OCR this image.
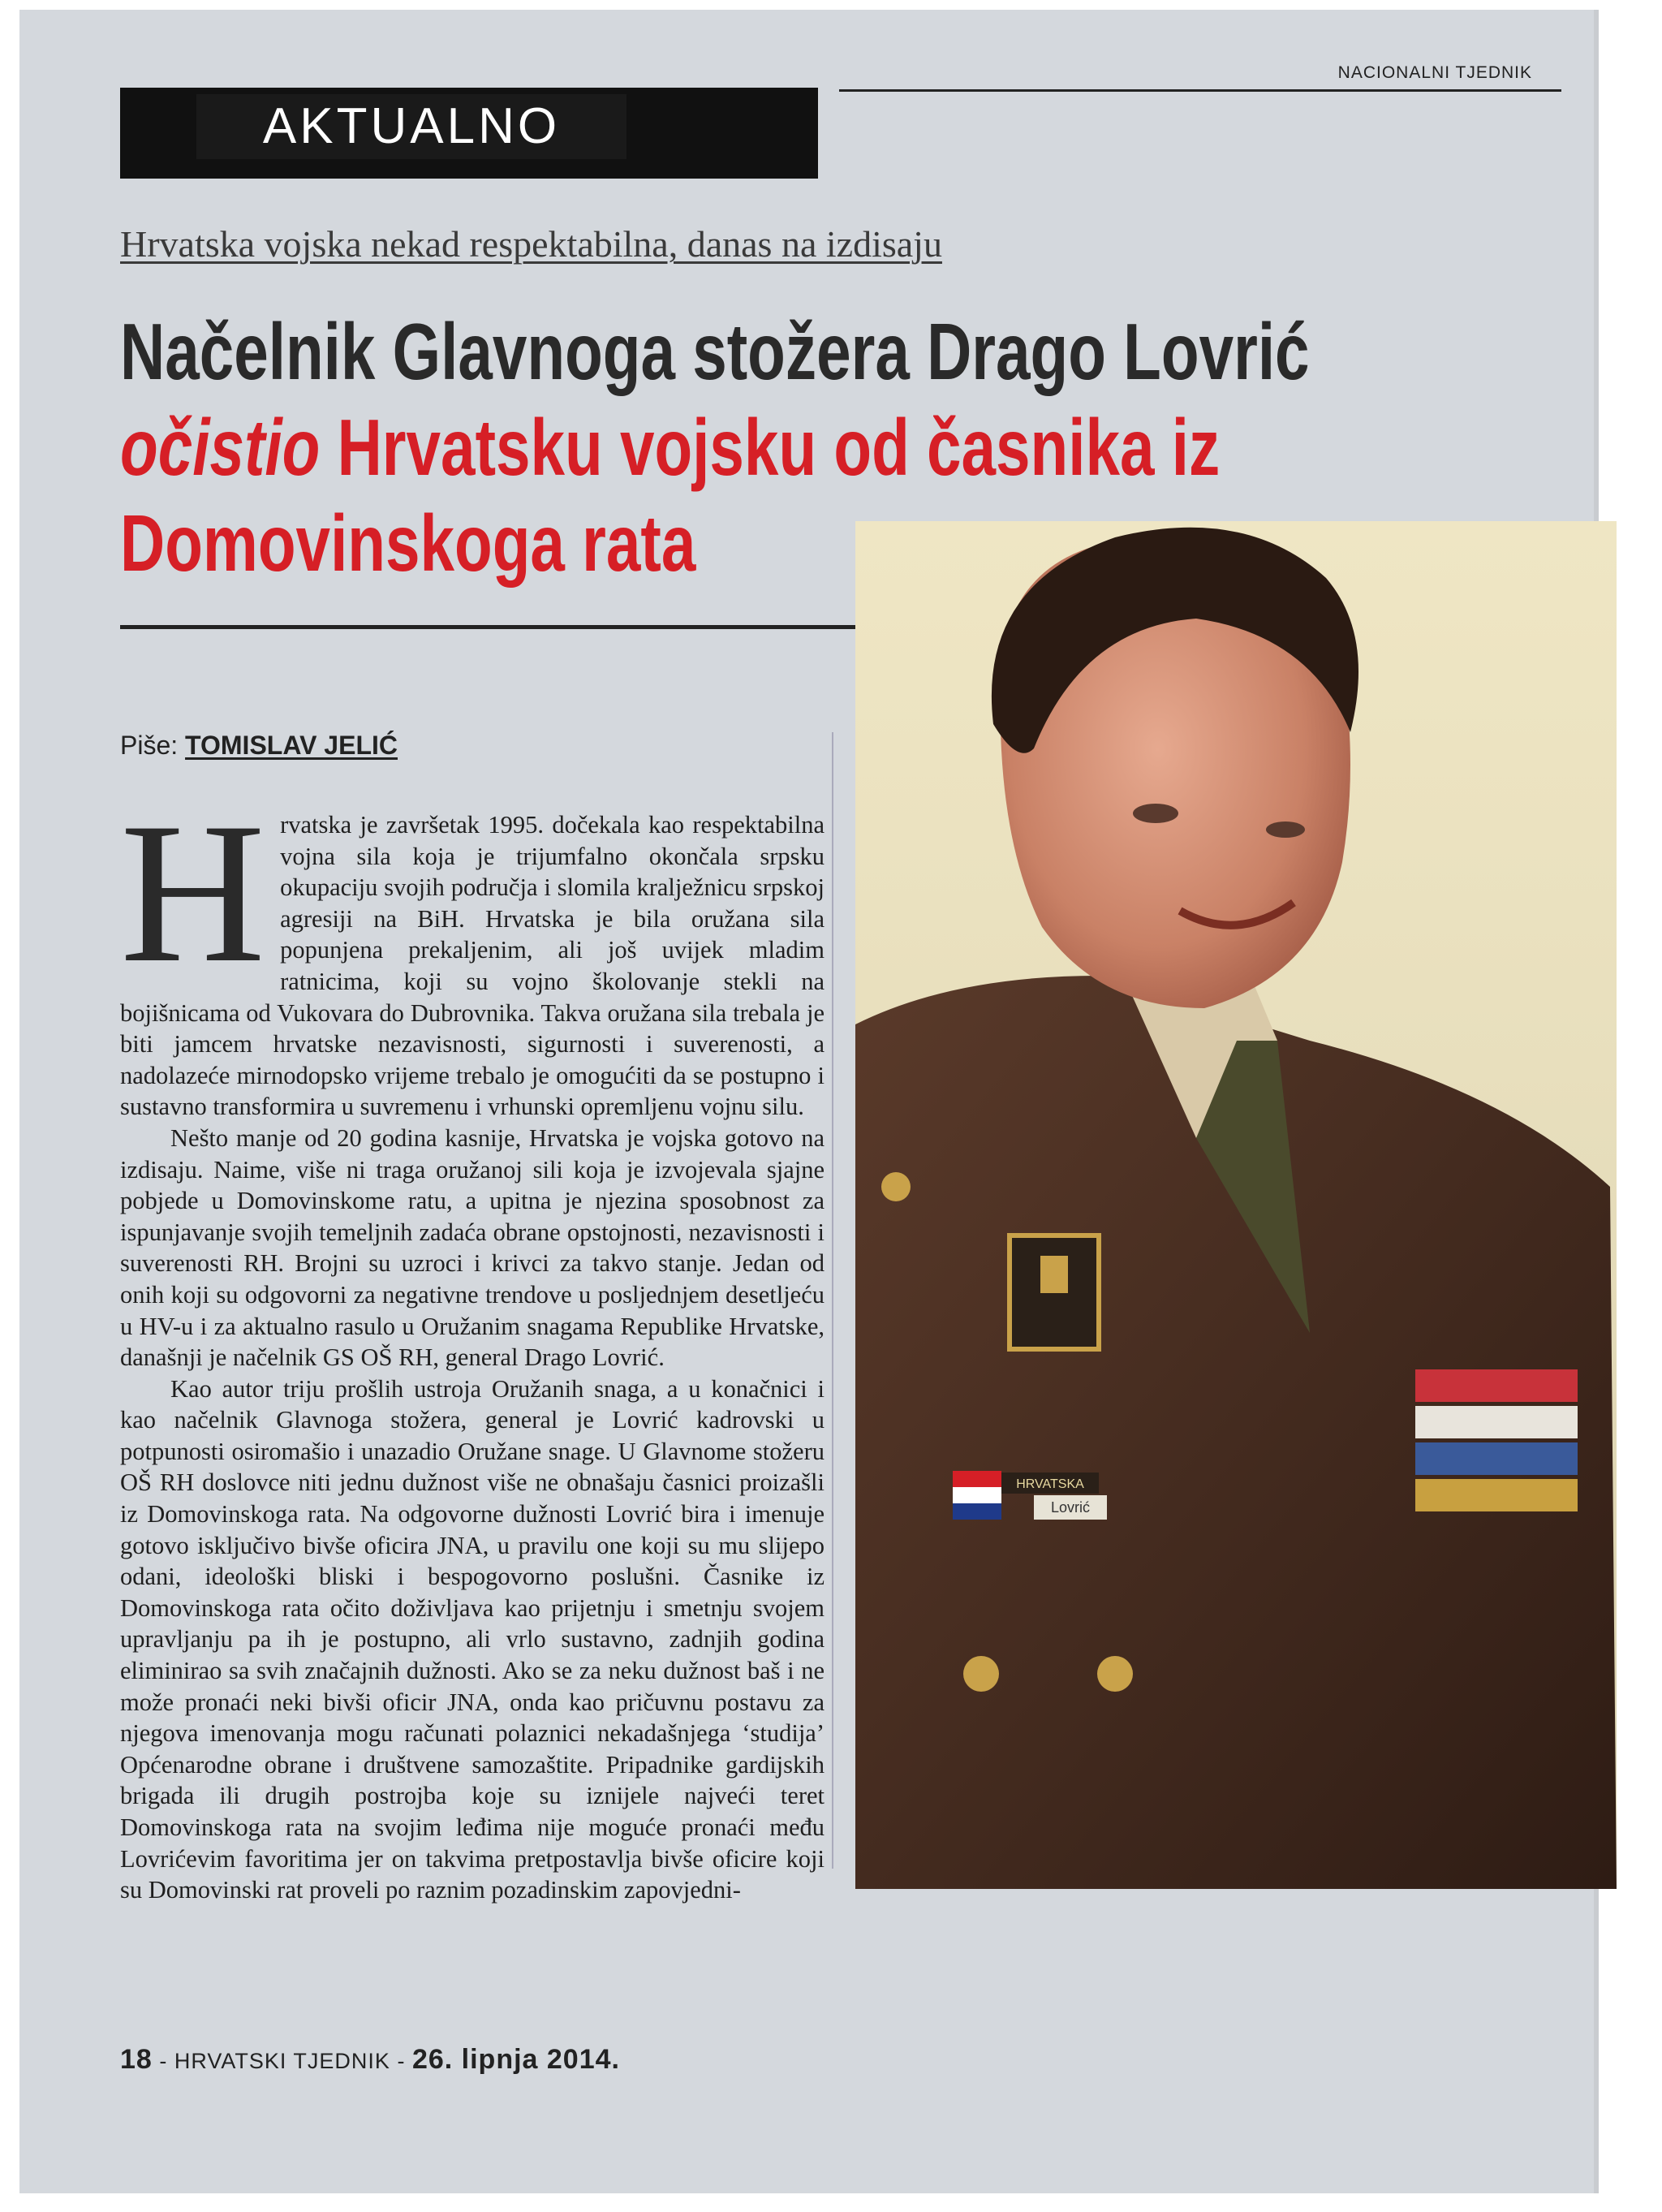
NACIONALNI TJEDNIK
AKTUALNO
Hrvatska vojska nekad respektabilna, danas na izdisaju
Načelnik Glavnoga stožera Drago Lovrić
očistio Hrvatsku vojsku od časnika iz
Domovinskoga rata
Piše: TOMISLAV JELIĆ

H rvatska je završetak 1995. dočekala kao respektabilna vojna sila koja je trijumfalno okončala srpsku okupaciju svojih područja i slomila kralježnicu srpskoj agresiji na BiH. Hrvatska je bila oružana sila popunjena prekaljenim, ali još uvijek mladim ratnicima, koji su vojno školovanje stekli na bojišnicama od Vukovara do Dubrovnika. Takva oružana sila trebala je biti jamcem hrvatske nezavisnosti, sigurnosti i suverenosti, a nadolazeće mirnodopsko vrijeme trebalo je omogućiti da se postupno i sustavno transformira u suvremenu i vrhunski opremljenu vojnu silu.

Nešto manje od 20 godina kasnije, Hrvatska je vojska gotovo na izdisaju. Naime, više ni traga oružanoj sili koja je izvojevala sjajne pobjede u Domovinskome ratu, a upitna je njezina sposobnost za ispunjavanje svojih temeljnih zadaća obrane opstojnosti, nezavisnosti i suverenosti RH. Brojni su uzroci i krivci za takvo stanje. Jedan od onih koji su odgovorni za negativne trendove u posljednjem desetljeću u HV-u i za aktualno rasulo u Oružanim snagama Republike Hrvatske, današnji je načelnik GS OŠ RH, general Drago Lovrić.

Kao autor triju prošlih ustroja Oružanih snaga, a u konačnici i kao načelnik Glavnoga stožera, general je Lovrić kadrovski u potpunosti osiromašio i unazadio Oružane snage. U Glavnome stožeru OŠ RH doslovce niti jednu dužnost više ne obnašaju časnici proizašli iz Domovinskoga rata. Na odgovorne dužnosti Lovrić bira i imenuje gotovo isključivo bivše oficira JNA, u pravilu one koji su mu slijepo odani, ideološki bliski i bespogovorno poslušni. Časnike iz Domovinskoga rata očito doživljava kao prijetnju i smetnju svojem upravljanju pa ih je postupno, ali vrlo sustavno, zadnjih godina eliminirao sa svih značajnih dužnosti. Ako se za neku dužnost baš i ne može pronaći neki bivši oficir JNA, onda kao pričuvnu postavu za njegova imenovanja mogu računati polaznici nekadašnjega ‘studija’ Općenarodne obrane i društvene samozaštite. Pripadnike gardijskih brigada ili drugih postrojba koje su iznijele najveći teret Domovinskoga rata na svojim leđima nije moguće pronaći među Lovrićevim favoritima jer on takvima pretpostavlja bivše oficire koji su Domovinski rat proveli po raznim pozadinskim zapovjedni-

HRVATSKA
Lovrić
18 - HRVATSKI TJEDNIK - 26. lipnja 2014.
